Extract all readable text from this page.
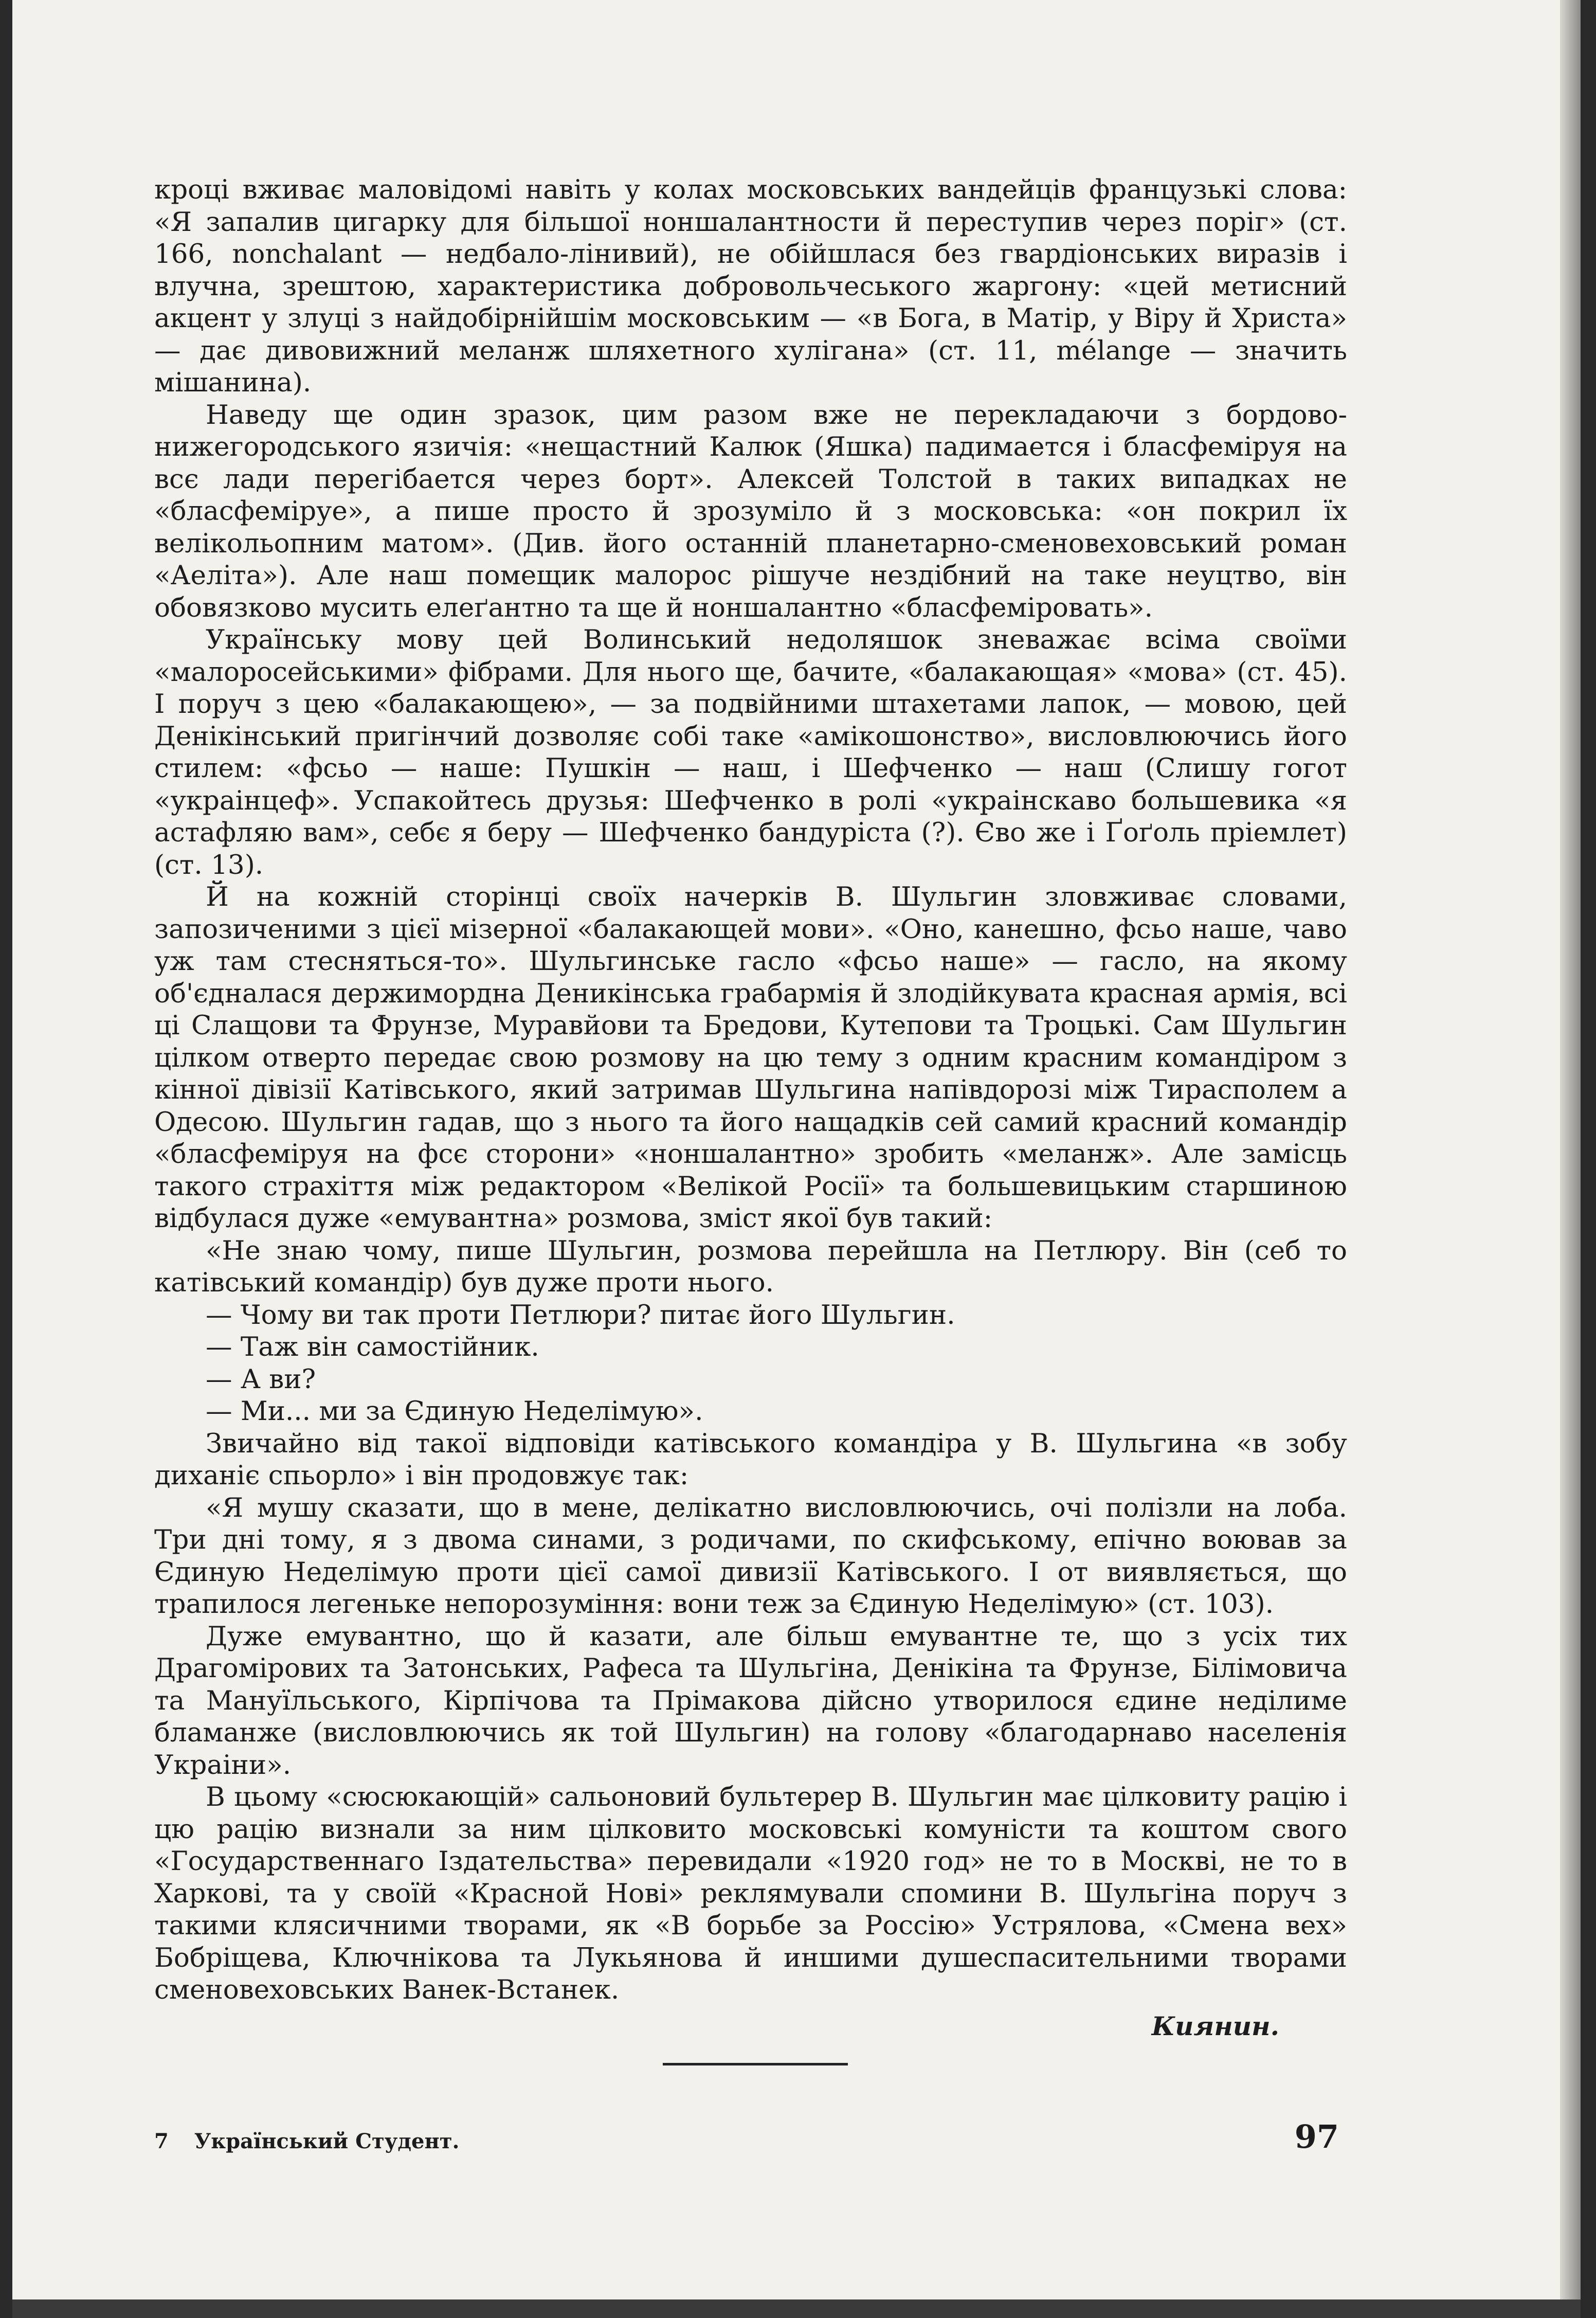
кроці вживає маловідомі навіть у колах московських вандейців французькі слова: «Я запалив цигарку для більшої ноншалантности й переступив через поріг» (ст. 166, nonchalant — недбало-лінивий), не обійшлася без гвардіонських виразів і влучна, зрештою, характеристика добровольчеського жаргону: «цей метисний акцент у злуці з найдобірнійшім московським — «в Бога, в Матір, у Віру й Христа» — дає дивовижний меланж шляхетного хулігана» (ст. 11, mélange — значить мішанина).

Наведу ще один зразок, цим разом вже не перекладаючи з бордово-нижегородського язичія: «нещастний Калюк (Яшка) падимается і бласфеміруя на всє лади перегібается через борт». Алексей Толстой в таких випадках не «бласфеміруе», а пише просто й зрозуміло й з московська: «он покрил їх велікольопним матом». (Див. його останній планетарно-сменовеховський роман «Аеліта»). Але наш помещик малорос рішуче нездібний на таке неуцтво, він обовязково мусить елеґантно та ще й ноншалантно «бласфеміровать».

Українську мову цей Волинський недоляшок зневажає всіма своїми «малоросейськими» фібрами. Для нього ще, бачите, «балакающая» «мова» (ст. 45). І поруч з цею «балакающею», — за подвійними штахетами лапок, — мовою, цей Денікінський пригінчий дозволяє собі таке «амікошонство», висловлюючись його стилем: «фсьо — наше: Пушкін — наш, і Шефченко — наш (Слишу гогот «украінцеф». Успакойтесь друзья: Шефченко в ролі «украінскаво большевика «я астафляю вам», себє я беру — Шефченко бандуріста (?). Єво же і Ґоґоль пріемлет) (ст. 13).

Й на кожній сторінці своїх начерків В. Шульгин зловживає словами, запозиченими з цієї мізерної «балакающей мови». «Оно, канешно, фсьо наше, чаво уж там стесняться-то». Шульгинське гасло «фсьо наше» — гасло, на якому об'єдналася держимордна Деникінська грабармія й злодійкувата красная армія, всі ці Слащови та Фрунзе, Муравйови та Бредови, Кутепови та Троцькі. Сам Шульгин цілком отверто передає свою розмову на цю тему з одним красним командіром з кінної дівізії Катівського, який затримав Шульгина напівдорозі між Тирасполем а Одесою. Шульгин гадав, що з нього та його нащадків сей самий красний командір «бласфеміруя на фсє сторони» «ноншалантно» зробить «меланж». Але замісць такого страхіття між редактором «Велікой Росії» та большевицьким старшиною відбулася дуже «емувантна» розмова, зміст якої був такий:

«Не знаю чому, пише Шульгин, розмова перейшла на Петлюру. Він (себ то катівський командір) був дуже проти нього.

— Чому ви так проти Петлюри? питає його Шульгин.

— Таж він самостійник.

— А ви?

— Ми... ми за Єдиную Неделімую».

Звичайно від такої відповіди катівського командіра у В. Шульгина «в зобу диханіє спьорло» і він продовжує так:

«Я мушу сказати, що в мене, делікатно висловлюючись, очі полізли на лоба. Три дні тому, я з двома синами, з родичами, по скифському, епічно воював за Єдиную Неделімую проти цієї самої дивизії Катівського. І от виявляється, що трапилося легеньке непорозуміння: вони теж за Єдиную Неделімую» (ст. 103).

Дуже емувантно, що й казати, але більш емувантне те, що з усіх тих Драгомірових та Затонських, Рафеса та Шульгіна, Денікіна та Фрунзе, Білімовича та Мануїльського, Кірпічова та Прімакова дійсно утворилося єдине неділиме бламанже (висловлюючись як той Шульгин) на голову «благодарнаво населенія Украіни».

В цьому «сюсюкающій» сальоновий бультерер В. Шульгин має цілковиту рацію і цю рацію визнали за ним цілковито московські комуністи та коштом свого «Государственнаго Іздательства» перевидали «1920 год» не то в Москві, не то в Харкові, та у своїй «Красной Нові» реклямували спомини В. Шульгіна поруч з такими клясичними творами, як «В борьбе за Россію» Устрялова, «Смена вех» Бобріщева, Ключнікова та Лукьянова й иншими душеспасительними творами сменовеховських Ванек-Встанек.

Киянин.
7 Український Студент.	97
